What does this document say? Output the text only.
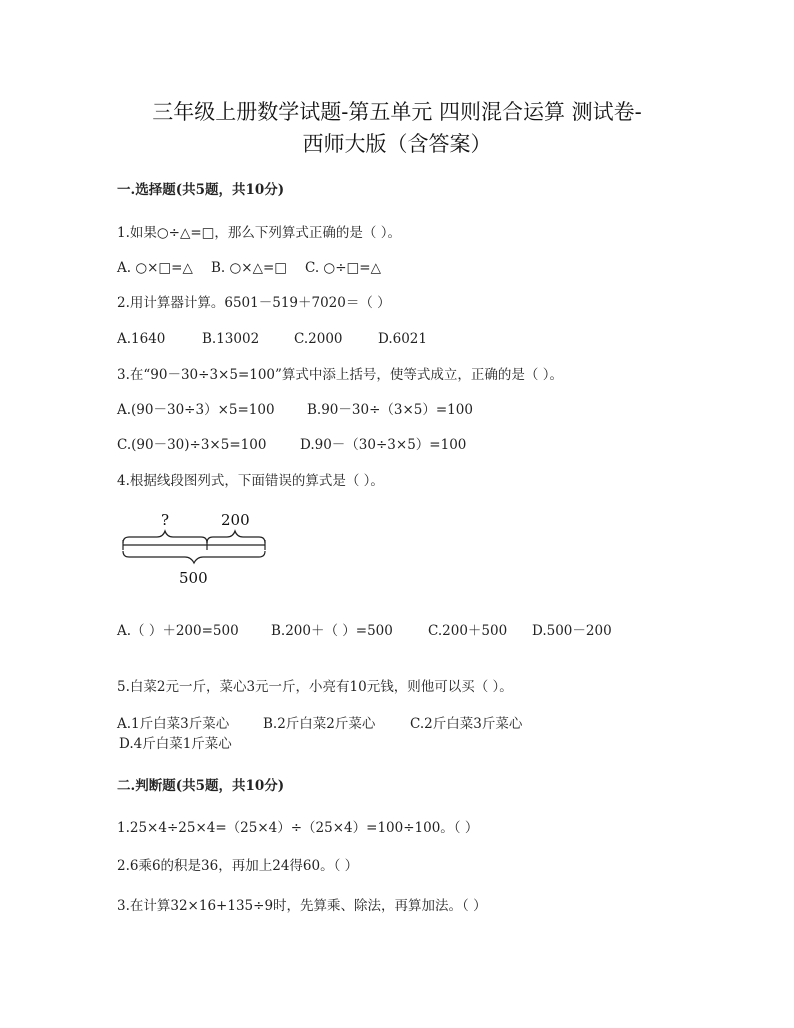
三年级上册数学试题-第五单元 四则混合运算 测试卷-
西师大版（含答案）
一.选择题(共5题，共10分)
1.如果○÷△=□，那么下列算式正确的是（ ）。
A. ○×□=△ B. ○×△=□ C. ○÷□=△
2.用计算器计算。6501－519＋7020＝（ ）
A.1640	B.13002	C.2000	D.6021
3.在“90－30÷3×5=100”算式中添上括号，使等式成立，正确的是（ ）。
A.(90－30÷3）×5=100 B.90－30÷（3×5）=100
C.(90－30)÷3×5=100 D.90－（30÷3×5）=100
4.根据线段图列式，下面错误的算式是（ ）。
?	200
500
A.（ ）＋200=500 B.200＋（ ）=500	C.200＋500 D.500－200
5.白菜2元一斤，菜心3元一斤，小亮有10元钱，则他可以买（ ）。
A.1斤白菜3斤菜心	B.2斤白菜2斤菜心	C.2斤白菜3斤菜心
D.4斤白菜1斤菜心
二.判断题(共5题，共10分)
1.25×4÷25×4=（25×4）÷（25×4）=100÷100。（ ）
2.6乘6的积是36，再加上24得60。（ ）
3.在计算32×16+135÷9时，先算乘、除法，再算加法。（ ）
